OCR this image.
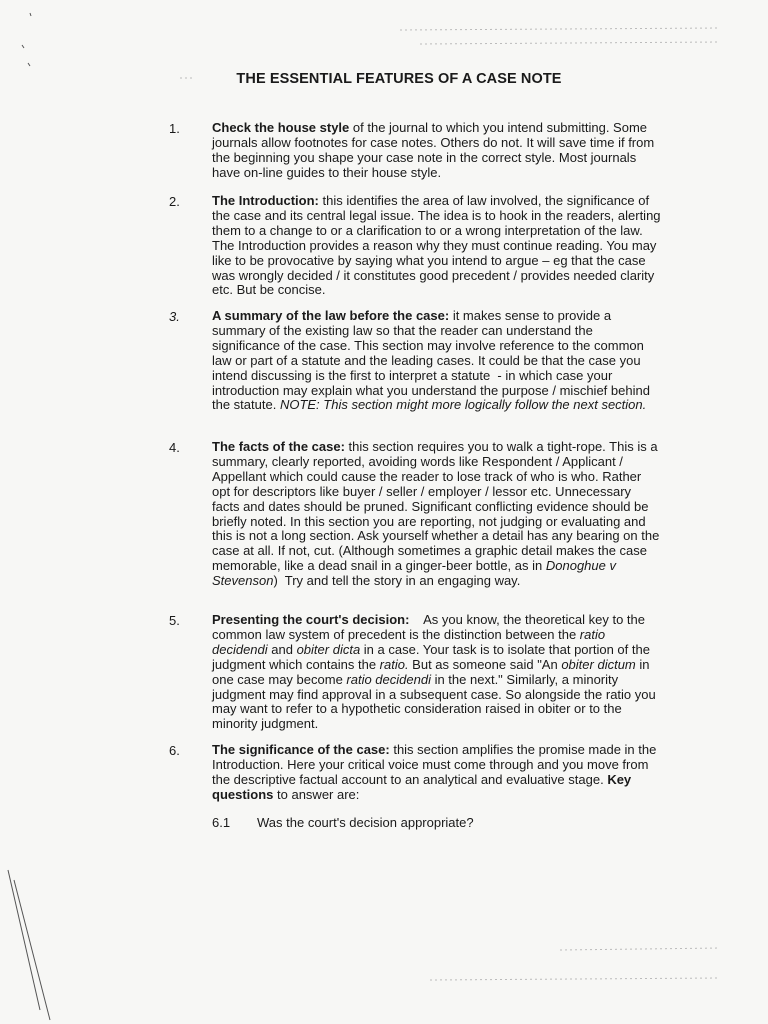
THE ESSENTIAL FEATURES OF A CASE NOTE
1. Check the house style of the journal to which you intend submitting. Some journals allow footnotes for case notes. Others do not. It will save time if from the beginning you shape your case note in the correct style. Most journals have on-line guides to their house style.
2. The Introduction: this identifies the area of law involved, the significance of the case and its central legal issue. The idea is to hook in the readers, alerting them to a change to or a clarification to or a wrong interpretation of the law. The Introduction provides a reason why they must continue reading. You may like to be provocative by saying what you intend to argue – eg that the case was wrongly decided / it constitutes good precedent / provides needed clarity etc. But be concise.
3. A summary of the law before the case: it makes sense to provide a summary of the existing law so that the reader can understand the significance of the case. This section may involve reference to the common law or part of a statute and the leading cases. It could be that the case you intend discussing is the first to interpret a statute  - in which case your introduction may explain what you understand the purpose / mischief behind the statute. NOTE: This section might more logically follow the next section.
4. The facts of the case: this section requires you to walk a tight-rope. This is a summary, clearly reported, avoiding words like Respondent / Applicant / Appellant which could cause the reader to lose track of who is who. Rather opt for descriptors like buyer / seller / employer / lessor etc. Unnecessary facts and dates should be pruned. Significant conflicting evidence should be briefly noted. In this section you are reporting, not judging or evaluating and this is not a long section. Ask yourself whether a detail has any bearing on the case at all. If not, cut. (Although sometimes a graphic detail makes the case memorable, like a dead snail in a ginger-beer bottle, as in Donoghue v Stevenson)  Try and tell the story in an engaging way.
5. Presenting the court's decision:    As you know, the theoretical key to the common law system of precedent is the distinction between the ratio decidendi and obiter dicta in a case. Your task is to isolate that portion of the judgment which contains the ratio. But as someone said "An obiter dictum in one case may become ratio decidendi in the next." Similarly, a minority judgment may find approval in a subsequent case. So alongside the ratio you may want to refer to a hypothetic consideration raised in obiter or to the minority judgment.
6. The significance of the case: this section amplifies the promise made in the Introduction. Here your critical voice must come through and you move from the descriptive factual account to an analytical and evaluative stage. Key questions to answer are:
6.1 Was the court's decision appropriate?
